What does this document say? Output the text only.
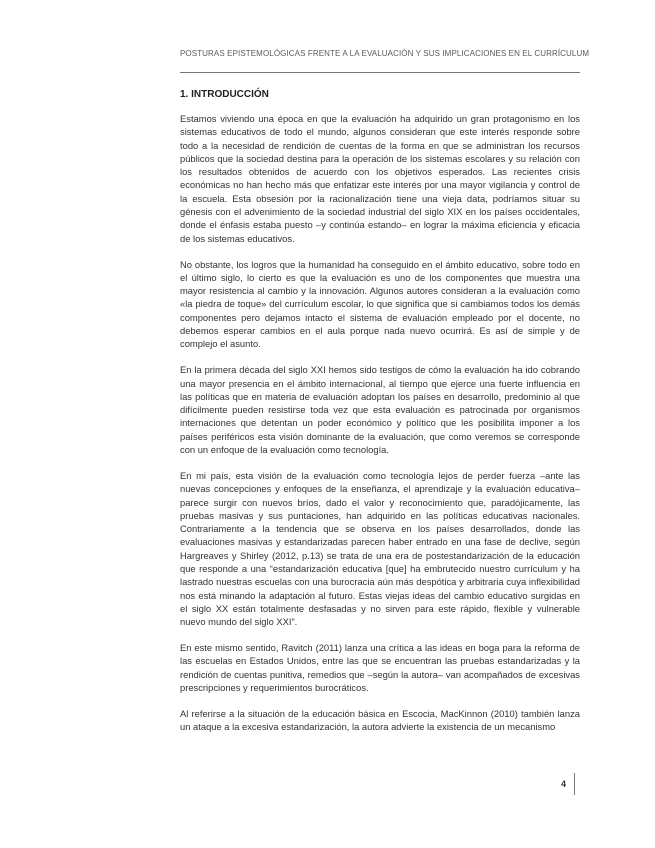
POSTURAS EPISTEMOLÓGICAS FRENTE A LA EVALUACIÓN Y SUS IMPLICACIONES EN EL CURRÍCULUM
1. INTRODUCCIÓN

Estamos viviendo una época en que la evaluación ha adquirido un gran protagonismo en los sistemas educativos de todo el mundo, algunos consideran que este interés responde sobre todo a la necesidad de rendición de cuentas de la forma en que se administran los recursos públicos que la sociedad destina para la operación de los sistemas escolares y su relación con los resultados obtenidos de acuerdo con los objetivos esperados. Las recientes crisis económicas no han hecho más que enfatizar este interés por una mayor vigilancia y control de la escuela. Esta obsesión por la racionalización tiene una vieja data, podríamos situar su génesis con el advenimiento de la sociedad industrial del siglo XIX en los países occidentales, donde el énfasis estaba puesto –y continúa estando– en lograr la máxima eficiencia y eficacia de los sistemas educativos.

No obstante, los logros que la humanidad ha conseguido en el ámbito educativo, sobre todo en el último siglo, lo cierto es que la evaluación es uno de los componentes que muestra una mayor resistencia al cambio y la innovación. Algunos autores consideran a la evaluación como «la piedra de toque» del currículum escolar, lo que significa que si cambiamos todos los demás componentes pero dejamos intacto el sistema de evaluación empleado por el docente, no debemos esperar cambios en el aula porque nada nuevo ocurrirá. Es así de simple y de complejo el asunto.

En la primera década del siglo XXI hemos sido testigos de cómo la evaluación ha ido cobrando una mayor presencia en el ámbito internacional, al tiempo que ejerce una fuerte influencia en las políticas que en materia de evaluación adoptan los países en desarrollo, predominio al que difícilmente pueden resistirse toda vez que esta evaluación es patrocinada por organismos internaciones que detentan un poder económico y político que les posibilita imponer a los países periféricos esta visión dominante de la evaluación, que como veremos se corresponde con un enfoque de la evaluación como tecnología.

En mi país, esta visión de la evaluación como tecnología lejos de perder fuerza –ante las nuevas concepciones y enfoques de la enseñanza, el aprendizaje y la evaluación educativa– parece surgir con nuevos bríos, dado el valor y reconocimiento que, paradójicamente, las pruebas masivas y sus puntaciones, han adquirido en las políticas educativas nacionales. Contrariamente a la tendencia que se observa en los países desarrollados, donde las evaluaciones masivas y estandarizadas parecen haber entrado en una fase de declive, según Hargreaves y Shirley (2012, p.13) se trata de una era de postestandarización de la educación que responde a una “estandarización educativa [que] ha embrutecido nuestro currículum y ha lastrado nuestras escuelas con una burocracia aún más despótica y arbitraria cuya inflexibilidad nos está minando la adaptación al futuro. Estas viejas ideas del cambio educativo surgidas en el siglo XX están totalmente desfasadas y no sirven para este rápido, flexible y vulnerable nuevo mundo del siglo XXI”.

En este mismo sentido, Ravitch (2011) lanza una crítica a las ideas en boga para la reforma de las escuelas en Estados Unidos, entre las que se encuentran las pruebas estandarizadas y la rendición de cuentas punitiva, remedios que –según la autora– van acompañados de excesivas prescripciones y requerimientos burocráticos.

Al referirse a la situación de la educación básica en Escocia, MacKinnon (2010) también lanza un ataque a la excesiva estandarización, la autora advierte la existencia de un mecanismo

4
